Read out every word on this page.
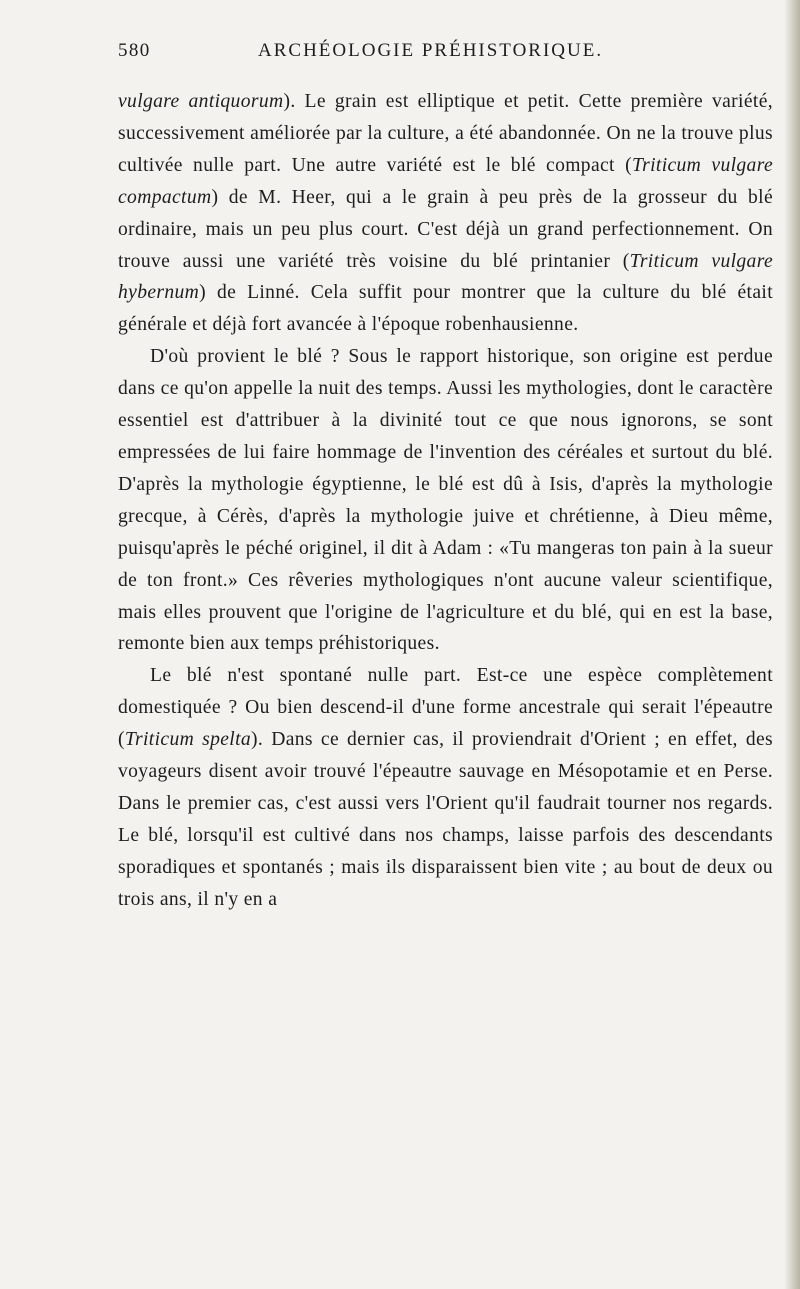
580	ARCHÉOLOGIE PRÉHISTORIQUE.

vulgare antiquorum). Le grain est elliptique et petit. Cette première variété, successivement améliorée par la culture, a été abandonnée. On ne la trouve plus cultivée nulle part. Une autre variété est le blé compact (Triticum vulgare compactum) de M. Heer, qui a le grain à peu près de la grosseur du blé ordinaire, mais un peu plus court. C'est déjà un grand perfectionnement. On trouve aussi une variété très voisine du blé printanier (Triticum vulgare hybernum) de Linné. Cela suffit pour montrer que la culture du blé était générale et déjà fort avancée à l'époque robenhausienne.

D'où provient le blé ? Sous le rapport historique, son origine est perdue dans ce qu'on appelle la nuit des temps. Aussi les mythologies, dont le caractère essentiel est d'attribuer à la divinité tout ce que nous ignorons, se sont empressées de lui faire hommage de l'invention des céréales et surtout du blé. D'après la mythologie égyptienne, le blé est dû à Isis, d'après la mythologie grecque, à Cérès, d'après la mythologie juive et chrétienne, à Dieu même, puisqu'après le péché originel, il dit à Adam : «Tu mangeras ton pain à la sueur de ton front.» Ces rêveries mythologiques n'ont aucune valeur scientifique, mais elles prouvent que l'origine de l'agriculture et du blé, qui en est la base, remonte bien aux temps préhistoriques.

Le blé n'est spontané nulle part. Est-ce une espèce complètement domestiquée ? Ou bien descend-il d'une forme ancestrale qui serait l'épeautre (Triticum spelta). Dans ce dernier cas, il proviendrait d'Orient ; en effet, des voyageurs disent avoir trouvé l'épeautre sauvage en Mésopotamie et en Perse. Dans le premier cas, c'est aussi vers l'Orient qu'il faudrait tourner nos regards. Le blé, lorsqu'il est cultivé dans nos champs, laisse parfois des descendants sporadiques et spontanés ; mais ils disparaissent bien vite ; au bout de deux ou trois ans, il n'y en a
